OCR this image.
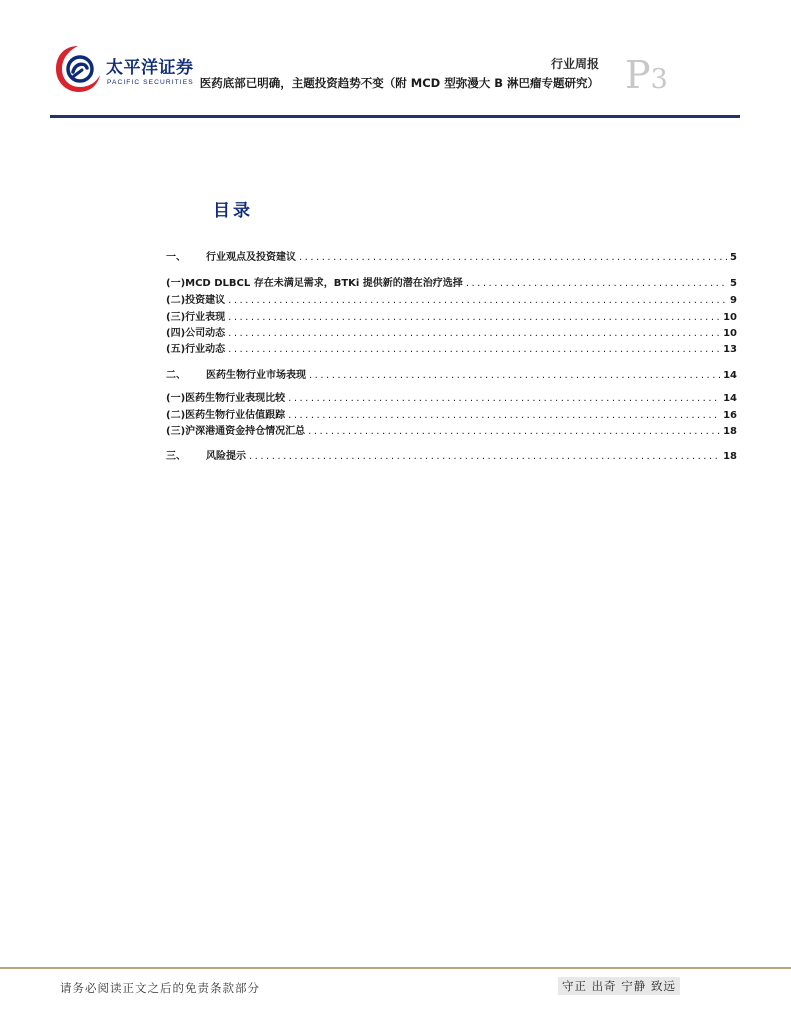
太平洋证券
PACIFIC SECURITIES
行业周报 P3
医药底部已明确，主题投资趋势不变（附 MCD 型弥漫大 B 淋巴瘤专题研究）
目录
一、	行业观点及投资建议 .....	5
(一) MCD DLBCL 存在未满足需求，BTKi 提供新的潜在治疗选择 .....	5
(二) 投资建议 .....	9
(三) 行业表现 .....	10
(四) 公司动态 .....	10
(五) 行业动态 .....	13
二、	医药生物行业市场表现 .....	14
(一) 医药生物行业表现比较 .....	14
(二) 医药生物行业估值跟踪 .....	16
(三) 沪深港通资金持仓情况汇总 .....	18
三、	风险提示 .....	18
请务必阅读正文之后的免责条款部分	守正 出奇 宁静 致远
